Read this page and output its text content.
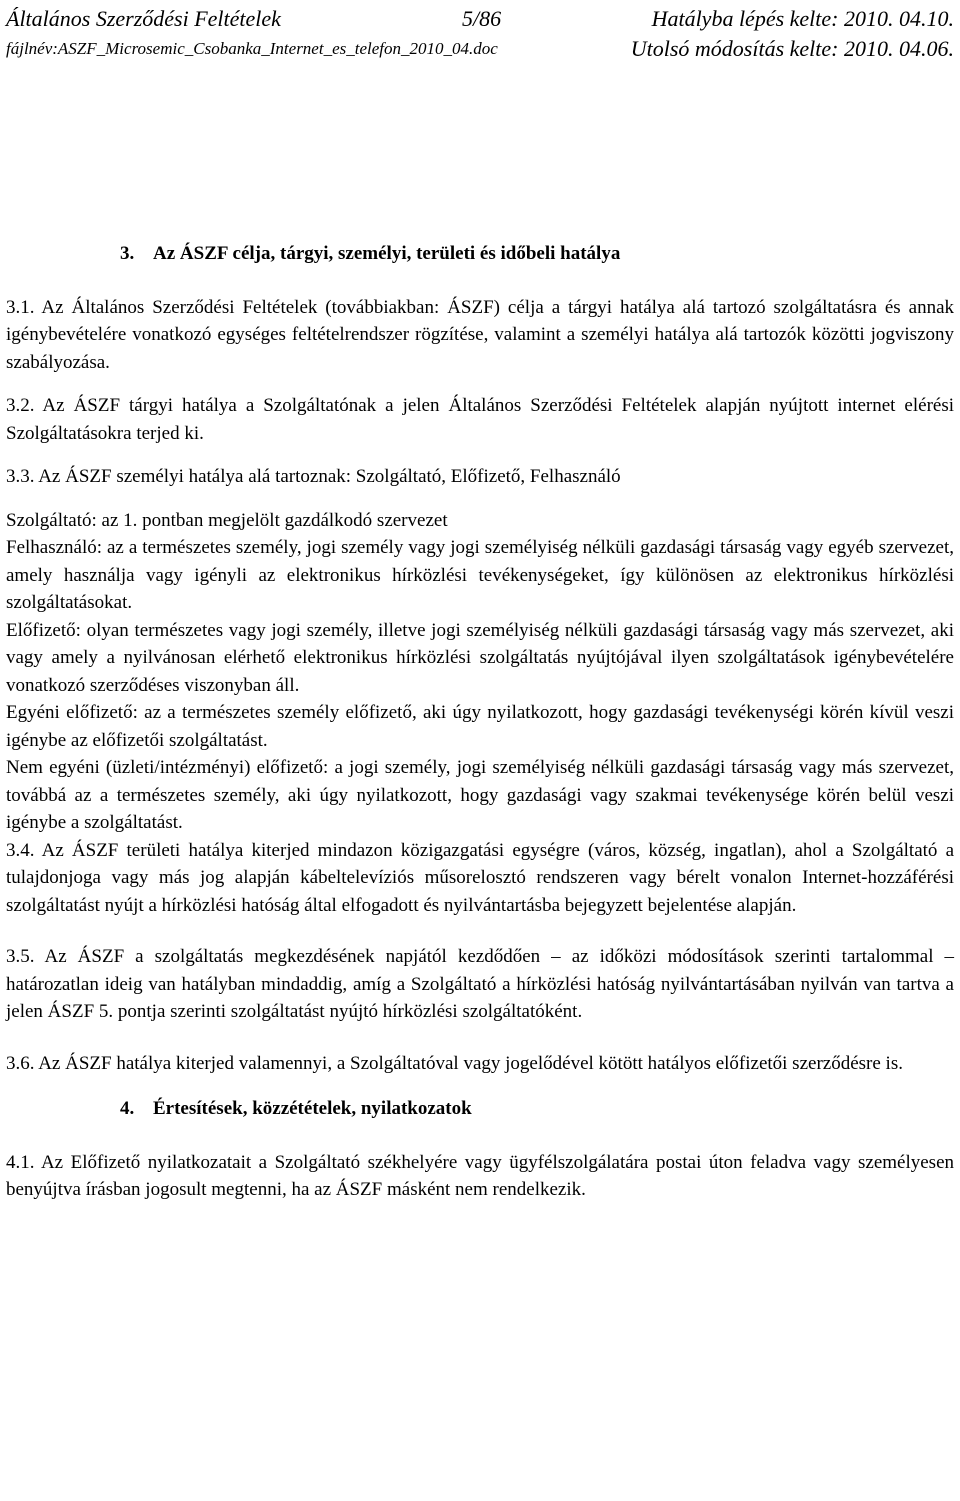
Általános Szerződési Feltételek	5/86	Hatályba lépés kelte: 2010. 04.10.
fájlnév:ASZF_Microsemic_Csobanka_Internet_es_telefon_2010_04.doc	Utolsó módosítás kelte: 2010. 04.06.
3. Az ÁSZF célja, tárgyi, személyi, területi és időbeli hatálya

3.1. Az Általános Szerződési Feltételek (továbbiakban: ÁSZF) célja a tárgyi hatálya alá tartozó szolgáltatásra és annak igénybevételére vonatkozó egységes feltételrendszer rögzítése, valamint a személyi hatálya alá tartozók közötti jogviszony szabályozása.

3.2. Az ÁSZF tárgyi hatálya a Szolgáltatónak a jelen Általános Szerződési Feltételek alapján nyújtott internet elérési Szolgáltatásokra terjed ki.

3.3. Az ÁSZF személyi hatálya alá tartoznak: Szolgáltató, Előfizető, Felhasználó

Szolgáltató: az 1. pontban megjelölt gazdálkodó szervezet

Felhasználó: az a természetes személy, jogi személy vagy jogi személyiség nélküli gazdasági társaság vagy egyéb szervezet, amely használja vagy igényli az elektronikus hírközlési tevékenységeket, így különösen az elektronikus hírközlési szolgáltatásokat.

Előfizető: olyan természetes vagy jogi személy, illetve jogi személyiség nélküli gazdasági társaság vagy más szervezet, aki vagy amely a nyilvánosan elérhető elektronikus hírközlési szolgáltatás nyújtójával ilyen szolgáltatások igénybevételére vonatkozó szerződéses viszonyban áll.

Egyéni előfizető: az a természetes személy előfizető, aki úgy nyilatkozott, hogy gazdasági tevékenységi körén kívül veszi igénybe az előfizetői szolgáltatást.

Nem egyéni (üzleti/intézményi) előfizető: a jogi személy, jogi személyiség nélküli gazdasági társaság vagy más szervezet, továbbá az a természetes személy, aki úgy nyilatkozott, hogy gazdasági vagy szakmai tevékenysége körén belül veszi igénybe a szolgáltatást.

3.4. Az ÁSZF területi hatálya kiterjed mindazon közigazgatási egységre (város, község, ingatlan), ahol a Szolgáltató a tulajdonjoga vagy más jog alapján kábeltelevíziós műsorelosztó rendszeren vagy bérelt vonalon Internet-hozzáférési szolgáltatást nyújt a hírközlési hatóság által elfogadott és nyilvántartásba bejegyzett bejelentése alapján.

3.5. Az ÁSZF a szolgáltatás megkezdésének napjától kezdődően – az időközi módosítások szerinti tartalommal – határozatlan ideig van hatályban mindaddig, amíg a Szolgáltató a hírközlési hatóság nyilvántartásában nyilván van tartva a jelen ÁSZF 5. pontja szerinti szolgáltatást nyújtó hírközlési szolgáltatóként.

3.6. Az ÁSZF hatálya kiterjed valamennyi, a Szolgáltatóval vagy jogelődével kötött hatályos előfizetői szerződésre is.

4. Értesítések, közzétételek, nyilatkozatok

4.1. Az Előfizető nyilatkozatait a Szolgáltató székhelyére vagy ügyfélszolgálatára postai úton feladva vagy személyesen benyújtva írásban jogosult megtenni, ha az ÁSZF másként nem rendelkezik.
